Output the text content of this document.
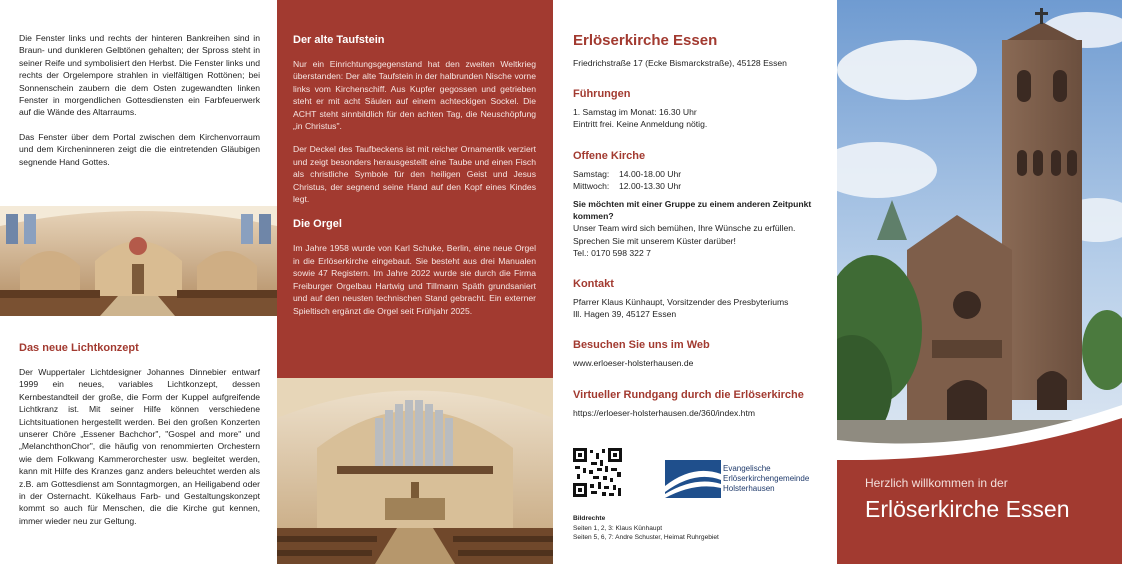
Die Fenster links und rechts der hinteren Bankreihen sind in Braun- und dunkleren Gelbtönen gehalten; der Spross steht in seiner Reife und symbolisiert den Herbst. Die Fenster links und rechts der Orgelempore strahlen in vielfältigen Rottönen; bei Sonnenschein zaubern die dem Osten zugewandten linken Fenster in morgendlichen Gottesdiensten ein Farbfeuerwerk auf die Wände des Altarraums.

Das Fenster über dem Portal zwischen dem Kirchenvorraum und dem Kircheninneren zeigt die die eintretenden Gläubigen segnende Hand Gottes.

Das neue Lichtkonzept

Der Wuppertaler Lichtdesigner Johannes Dinnebier entwarf 1999 ein neues, variables Lichtkonzept, dessen Kernbestandteil der große, die Form der Kuppel aufgreifende Lichtkranz ist. Mit seiner Hilfe können verschiedene Lichtsituationen hergestellt werden. Bei den großen Konzerten unserer Chöre „Essener Bachchor", "Gospel and more" und „MelanchthonChor", die häufig von renommierten Orchestern wie dem Folkwang Kammerorchester usw. begleitet werden, kann mit Hilfe des Kranzes ganz anders beleuchtet werden als z.B. am Gottesdienst am Sonntagmorgen, an Heiligabend oder in der Osternacht. Kükelhaus Farb- und Gestaltungskonzept kommt so auch für Menschen, die die Kirche gut kennen, immer wieder neu zur Geltung.

Der alte Taufstein

Nur ein Einrichtungsgegenstand hat den zweiten Weltkrieg überstanden: Der alte Taufstein in der halbrunden Nische vorne links vom Kirchenschiff. Aus Kupfer gegossen und getrieben steht er mit acht Säulen auf einem achteckigen Sockel. Die ACHT steht sinnbildlich für den achten Tag, die Neuschöpfung „in Christus".

Der Deckel des Taufbeckens ist mit reicher Ornamentik verziert und zeigt besonders herausgestellt eine Taube und einen Fisch als christliche Symbole für den heiligen Geist und Jesus Christus, der segnend seine Hand auf den Kopf eines Kindes legt.

Die Orgel

Im Jahre 1958 wurde von Karl Schuke, Berlin, eine neue Orgel in die Erlöserkirche eingebaut. Sie besteht aus drei Manualen sowie 47 Registern. Im Jahre 2022 wurde sie durch die Firma Freiburger Orgelbau Hartwig und Tillmann Späth grundsaniert und auf den neusten technischen Stand gebracht. Ein externer Spieltisch ergänzt die Orgel seit Frühjahr 2025.

Erlöserkirche Essen
Friedrichstraße 17 (Ecke Bismarckstraße), 45128 Essen
Führungen
1. Samstag im Monat: 16.30 Uhr
Eintritt frei. Keine Anmeldung nötig.
Offene Kirche
Samstag:	14.00-18.00 Uhr
Mittwoch:	12.00-13.30 Uhr
Sie möchten mit einer Gruppe zu einem anderen Zeitpunkt kommen?
Unser Team wird sich bemühen, Ihre Wünsche zu erfüllen.
Sprechen Sie mit unserem Küster darüber!
Tel.: 0170 598 322 7
Kontakt
Pfarrer Klaus Künhaupt, Vorsitzender des Presbyteriums
Ill. Hagen 39, 45127 Essen
Besuchen Sie uns im Web
www.erloeser-holsterhausen.de
Virtueller Rundgang durch die Erlöserkirche
https://erloeser-holsterhausen.de/360/index.htm
Evangelische
Erlöserkirchengemeinde
Holsterhausen
Bildrechte
Seiten 1, 2, 3: Klaus Künhaupt
Seiten 5, 6, 7: Andre Schuster, Heimat Ruhrgebiet
Herzlich willkommen in der
Erlöserkirche Essen
